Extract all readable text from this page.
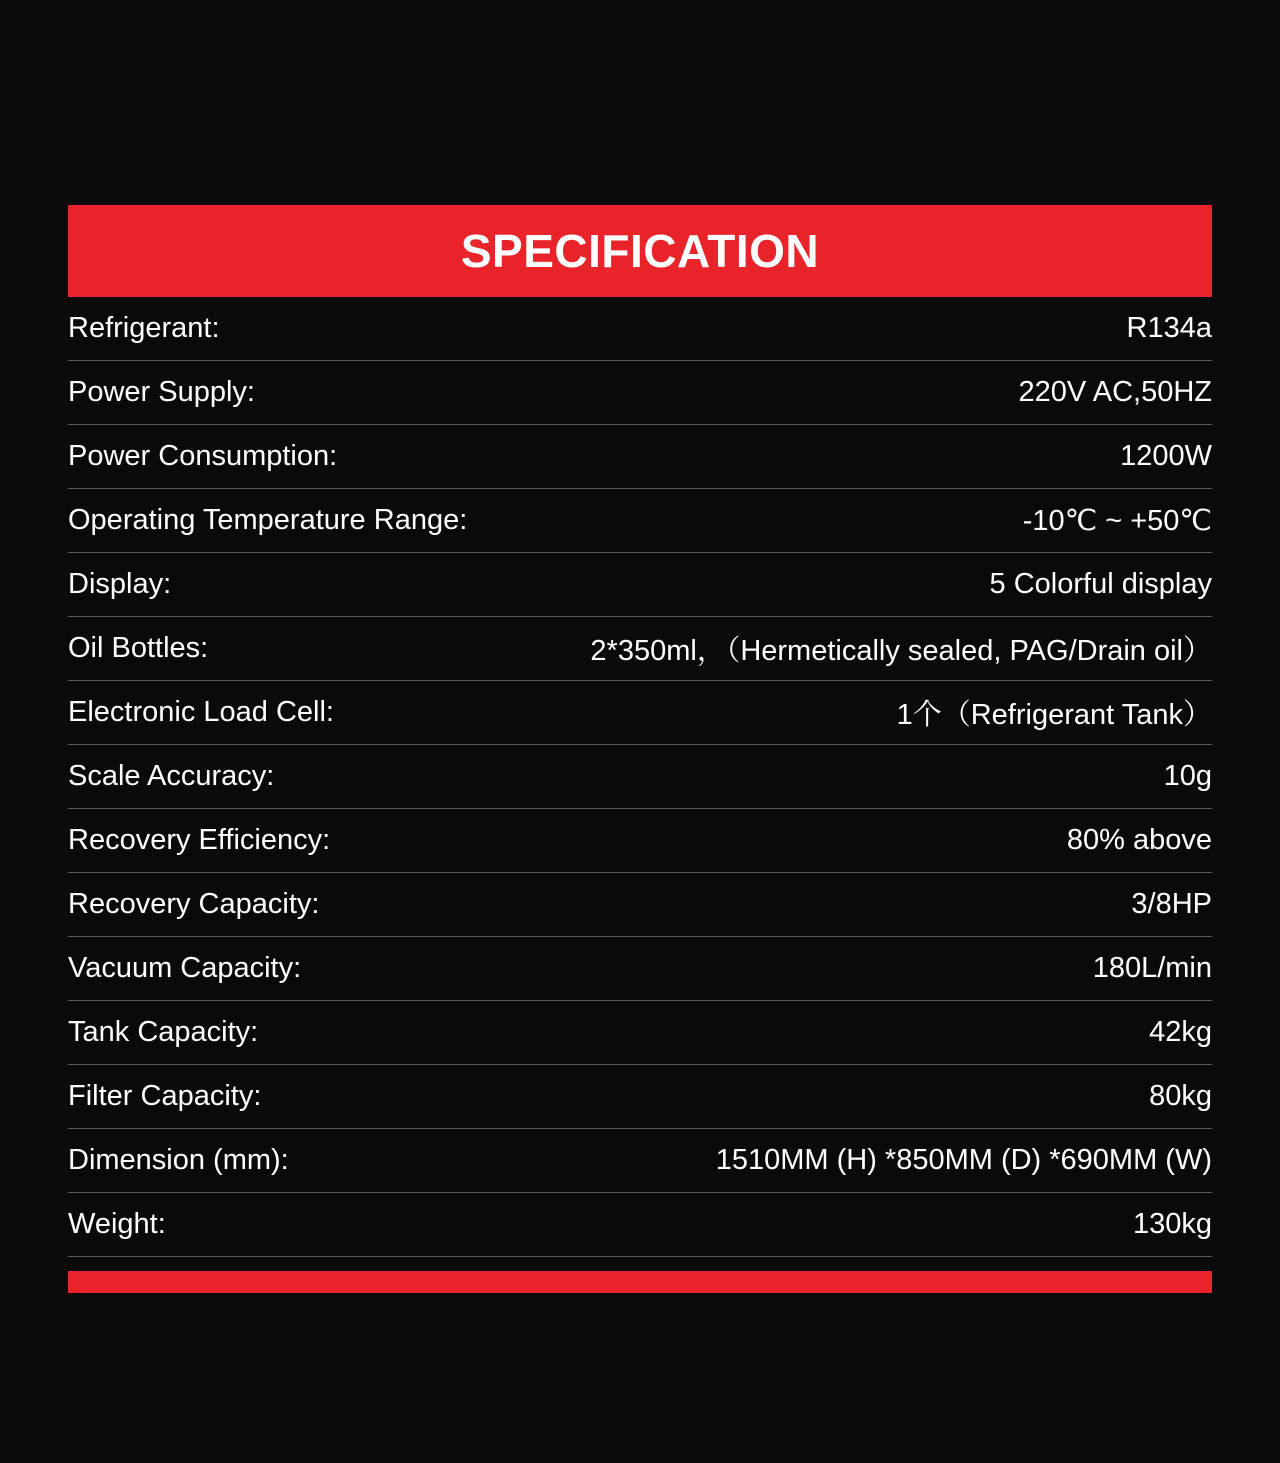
SPECIFICATION
Refrigerant:	R134a
Power Supply:	220V AC,50HZ
Power Consumption:	1200W
Operating Temperature Range:	-10℃ ~ +50℃
Display:	5 Colorful display
Oil Bottles:	2*350ml，（Hermetically sealed, PAG/Drain oil）
Electronic Load Cell:	1个（Refrigerant Tank）
Scale Accuracy:	10g
Recovery Efficiency:	80% above
Recovery Capacity:	3/8HP
Vacuum Capacity:	180L/min
Tank Capacity:	42kg
Filter Capacity:	80kg
Dimension (mm):	1510MM (H) *850MM (D) *690MM (W)
Weight:	130kg
